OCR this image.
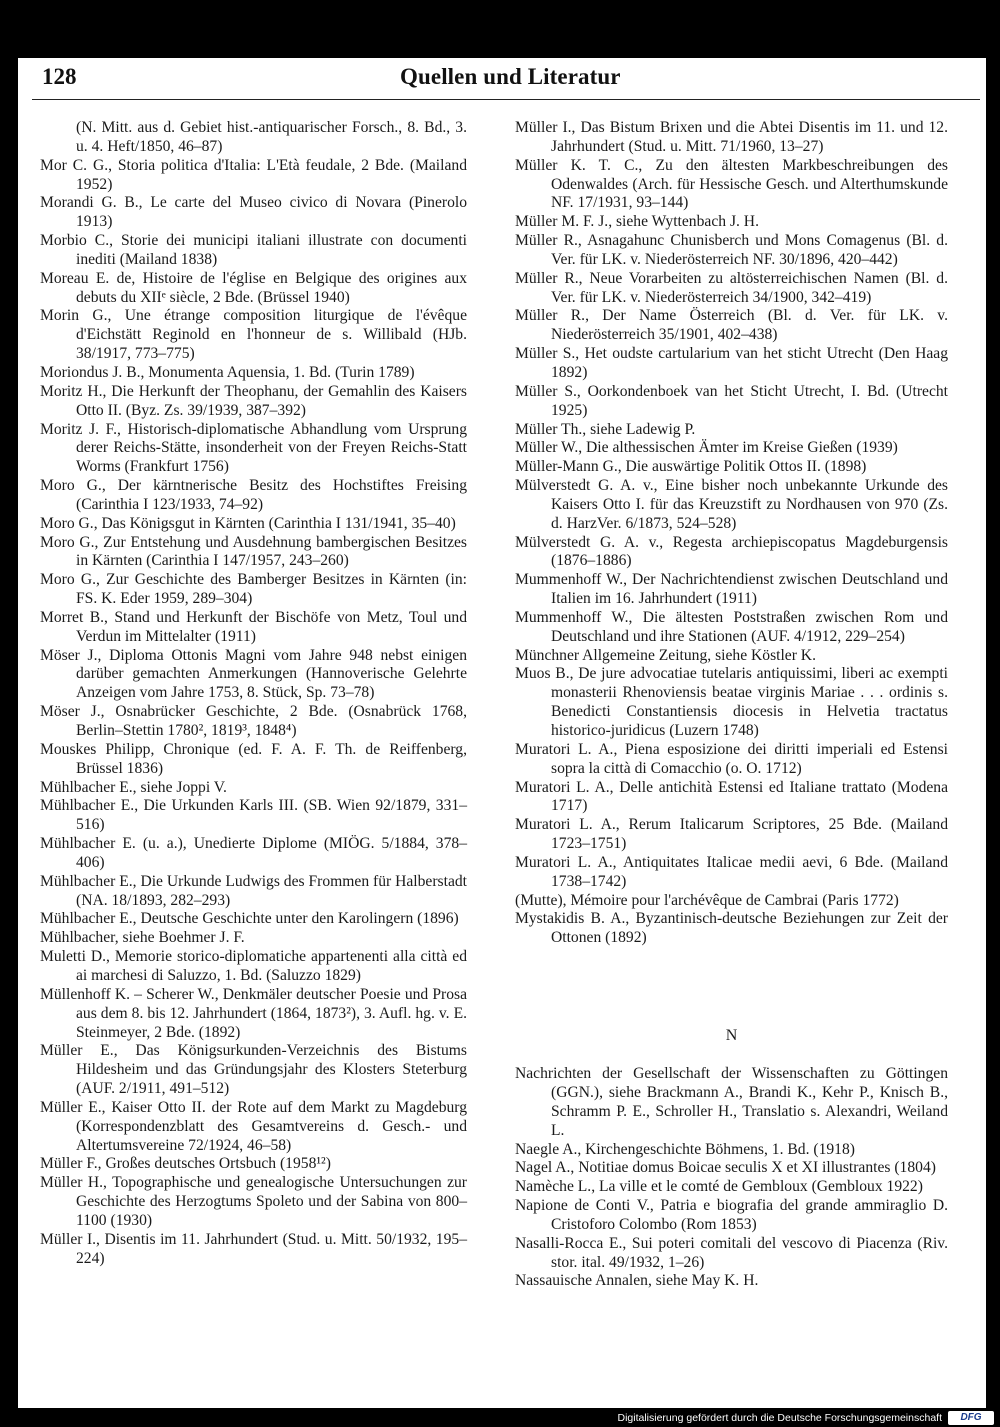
128	Quellen und Literatur

(N. Mitt. aus d. Gebiet hist.-antiquarischer Forsch., 8. Bd., 3. u. 4. Heft/1850, 46–87)

Mor C. G., Storia politica d'Italia: L'Età feudale, 2 Bde. (Mailand 1952)

Morandi G. B., Le carte del Museo civico di Novara (Pinerolo 1913)

Morbio C., Storie dei municipi italiani illustrate con documenti inediti (Mailand 1838)

Moreau E. de, Histoire de l'église en Belgique des origines aux debuts du XIIᵉ siècle, 2 Bde. (Brüssel 1940)

Morin G., Une étrange composition liturgique de l'évêque d'Eichstätt Reginold en l'honneur de s. Willibald (HJb. 38/1917, 773–775)

Moriondus J. B., Monumenta Aquensia, 1. Bd. (Turin 1789)

Moritz H., Die Herkunft der Theophanu, der Gemahlin des Kaisers Otto II. (Byz. Zs. 39/1939, 387–392)

Moritz J. F., Historisch-diplomatische Abhandlung vom Ursprung derer Reichs-Stätte, insonderheit von der Freyen Reichs-Statt Worms (Frankfurt 1756)

Moro G., Der kärntnerische Besitz des Hochstiftes Freising (Carinthia I 123/1933, 74–92)

Moro G., Das Königsgut in Kärnten (Carinthia I 131/1941, 35–40)

Moro G., Zur Entstehung und Ausdehnung bambergischen Besitzes in Kärnten (Carinthia I 147/1957, 243–260)

Moro G., Zur Geschichte des Bamberger Besitzes in Kärnten (in: FS. K. Eder 1959, 289–304)

Morret B., Stand und Herkunft der Bischöfe von Metz, Toul und Verdun im Mittelalter (1911)

Möser J., Diploma Ottonis Magni vom Jahre 948 nebst einigen darüber gemachten Anmerkungen (Hannoverische Gelehrte Anzeigen vom Jahre 1753, 8. Stück, Sp. 73–78)

Möser J., Osnabrücker Geschichte, 2 Bde. (Osnabrück 1768, Berlin–Stettin 1780², 1819³, 1848⁴)

Mouskes Philipp, Chronique (ed. F. A. F. Th. de Reiffenberg, Brüssel 1836)

Mühlbacher E., siehe Joppi V.

Mühlbacher E., Die Urkunden Karls III. (SB. Wien 92/1879, 331–516)

Mühlbacher E. (u. a.), Unedierte Diplome (MIÖG. 5/1884, 378–406)

Mühlbacher E., Die Urkunde Ludwigs des Frommen für Halberstadt (NA. 18/1893, 282–293)

Mühlbacher E., Deutsche Geschichte unter den Karolingern (1896)

Mühlbacher, siehe Boehmer J. F.

Muletti D., Memorie storico-diplomatiche appartenenti alla città ed ai marchesi di Saluzzo, 1. Bd. (Saluzzo 1829)

Müllenhoff K. – Scherer W., Denkmäler deutscher Poesie und Prosa aus dem 8. bis 12. Jahrhundert (1864, 1873²), 3. Aufl. hg. v. E. Steinmeyer, 2 Bde. (1892)

Müller E., Das Königsurkunden-Verzeichnis des Bistums Hildesheim und das Gründungsjahr des Klosters Steterburg (AUF. 2/1911, 491–512)

Müller E., Kaiser Otto II. der Rote auf dem Markt zu Magdeburg (Korrespondenzblatt des Gesamtvereins d. Gesch.- und Altertumsvereine 72/1924, 46–58)

Müller F., Großes deutsches Ortsbuch (1958¹²)

Müller H., Topographische und genealogische Untersuchungen zur Geschichte des Herzogtums Spoleto und der Sabina von 800–1100 (1930)

Müller I., Disentis im 11. Jahrhundert (Stud. u. Mitt. 50/1932, 195–224)

Müller I., Das Bistum Brixen und die Abtei Disentis im 11. und 12. Jahrhundert (Stud. u. Mitt. 71/1960, 13–27)

Müller K. T. C., Zu den ältesten Markbeschreibungen des Odenwaldes (Arch. für Hessische Gesch. und Alterthumskunde NF. 17/1931, 93–144)

Müller M. F. J., siehe Wyttenbach J. H.

Müller R., Asnagahunc Chunisberch und Mons Comagenus (Bl. d. Ver. für LK. v. Niederösterreich NF. 30/1896, 420–442)

Müller R., Neue Vorarbeiten zu altösterreichischen Namen (Bl. d. Ver. für LK. v. Niederösterreich 34/1900, 342–419)

Müller R., Der Name Österreich (Bl. d. Ver. für LK. v. Niederösterreich 35/1901, 402–438)

Müller S., Het oudste cartularium van het sticht Utrecht (Den Haag 1892)

Müller S., Oorkondenboek van het Sticht Utrecht, I. Bd. (Utrecht 1925)

Müller Th., siehe Ladewig P.

Müller W., Die althessischen Ämter im Kreise Gießen (1939)

Müller-Mann G., Die auswärtige Politik Ottos II. (1898)

Mülverstedt G. A. v., Eine bisher noch unbekannte Urkunde des Kaisers Otto I. für das Kreuzstift zu Nordhausen von 970 (Zs. d. HarzVer. 6/1873, 524–528)

Mülverstedt G. A. v., Regesta archiepiscopatus Magdeburgensis (1876–1886)

Mummenhoff W., Der Nachrichtendienst zwischen Deutschland und Italien im 16. Jahrhundert (1911)

Mummenhoff W., Die ältesten Poststraßen zwischen Rom und Deutschland und ihre Stationen (AUF. 4/1912, 229–254)

Münchner Allgemeine Zeitung, siehe Köstler K.

Muos B., De jure advocatiae tutelaris antiquissimi, liberi ac exempti monasterii Rhenoviensis beatae virginis Mariae . . . ordinis s. Benedicti Constantiensis diocesis in Helvetia tractatus historico-juridicus (Luzern 1748)

Muratori L. A., Piena esposizione dei diritti imperiali ed Estensi sopra la città di Comacchio (o. O. 1712)

Muratori L. A., Delle antichità Estensi ed Italiane trattato (Modena 1717)

Muratori L. A., Rerum Italicarum Scriptores, 25 Bde. (Mailand 1723–1751)

Muratori L. A., Antiquitates Italicae medii aevi, 6 Bde. (Mailand 1738–1742)

(Mutte), Mémoire pour l'archévêque de Cambrai (Paris 1772)

Mystakidis B. A., Byzantinisch-deutsche Beziehungen zur Zeit der Ottonen (1892)

N

Nachrichten der Gesellschaft der Wissenschaften zu Göttingen (GGN.), siehe Brackmann A., Brandi K., Kehr P., Knisch B., Schramm P. E., Schroller H., Translatio s. Alexandri, Weiland L.

Naegle A., Kirchengeschichte Böhmens, 1. Bd. (1918)

Nagel A., Notitiae domus Boicae seculis X et XI illustrantes (1804)

Namèche L., La ville et le comté de Gembloux (Gembloux 1922)

Napione de Conti V., Patria e biografia del grande ammiraglio D. Cristoforo Colombo (Rom 1853)

Nasalli-Rocca E., Sui poteri comitali del vescovo di Piacenza (Riv. stor. ital. 49/1932, 1–26)

Nassauische Annalen, siehe May K. H.

Digitalisierung gefördert durch die Deutsche Forschungsgemeinschaft	DFG
